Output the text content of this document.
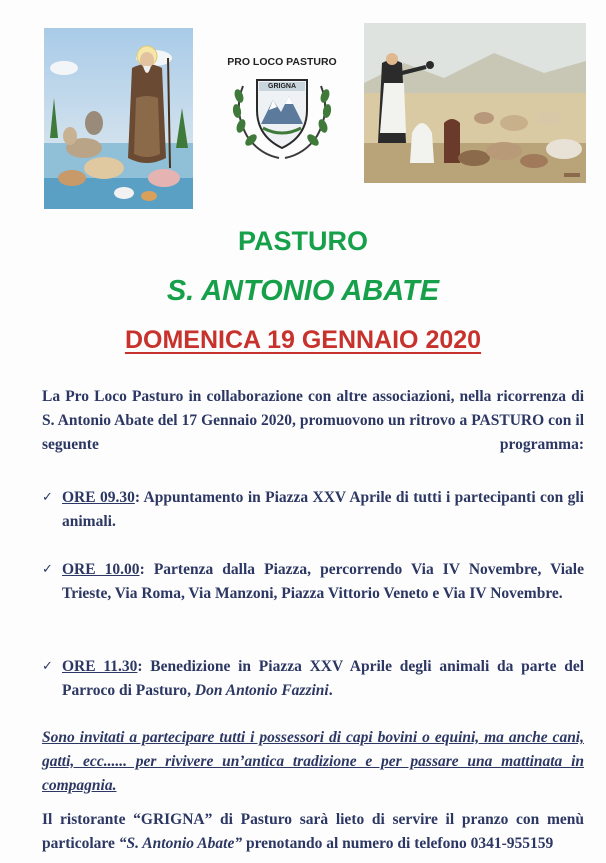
PRO LOCO PASTURO
GRIGNA
PASTURO
S. ANTONIO ABATE
DOMENICA 19 GENNAIO 2020
La Pro Loco Pasturo in collaborazione con altre associazioni, nella ricorrenza di S. Antonio Abate del 17 Gennaio 2020, promuovono un ritrovo a PASTURO con il seguente programma:
✓ ORE 09.30: Appuntamento in Piazza XXV Aprile di tutti i partecipanti con gli animali.
✓ ORE 10.00: Partenza dalla Piazza, percorrendo Via IV Novembre, Viale Trieste, Via Roma, Via Manzoni, Piazza Vittorio Veneto e Via IV Novembre.
✓ ORE 11.30: Benedizione in Piazza XXV Aprile degli animali da parte del Parroco di Pasturo, Don Antonio Fazzini.
Sono invitati a partecipare tutti i possessori di capi bovini o equini, ma anche cani, gatti, ecc...... per rivivere un’antica tradizione e per passare una mattinata in compagnia.
Il ristorante “GRIGNA” di Pasturo sarà lieto di servire il pranzo con menù particolare “S. Antonio Abate” prenotando al numero di telefono 0341-955159
